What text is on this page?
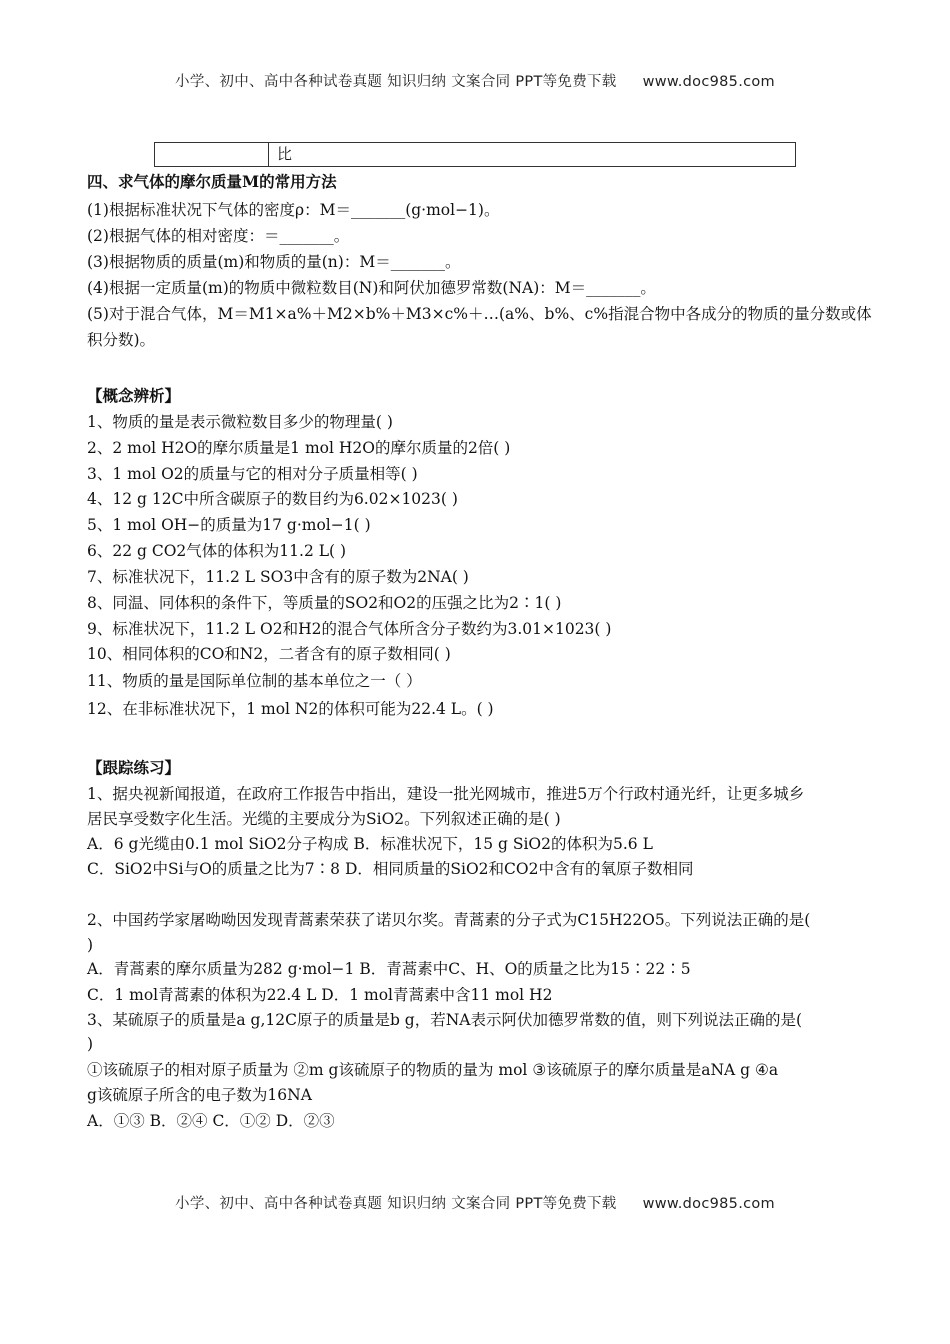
小学、初中、高中各种试卷真题 知识归纳 文案合同 PPT等免费下载 www.doc985.com
	比
四、求气体的摩尔质量M的常用方法
(1)根据标准状况下气体的密度ρ：M＝_______(g·mol−1)。
(2)根据气体的相对密度：＝_______。
(3)根据物质的质量(m)和物质的量(n)：M＝_______。
(4)根据一定质量(m)的物质中微粒数目(N)和阿伏加德罗常数(NA)：M＝_______。
(5)对于混合气体，M＝M1×a%＋M2×b%＋M3×c%＋…(a%、b%、c%指混合物中各成分的物质的量分数或体
积分数)。
【概念辨析】
1、物质的量是表示微粒数目多少的物理量( )
2、2 mol H2O的摩尔质量是1 mol H2O的摩尔质量的2倍( )
3、1 mol O2的质量与它的相对分子质量相等( )
4、12 g 12C中所含碳原子的数目约为6.02×1023( )
5、1 mol OH−的质量为17 g·mol−1( )
6、22 g CO2气体的体积为11.2 L( )
7、标准状况下，11.2 L SO3中含有的原子数为2NA( )
8、同温、同体积的条件下，等质量的SO2和O2的压强之比为2∶1( )
9、标准状况下，11.2 L O2和H2的混合气体所含分子数约为3.01×1023( )
10、相同体积的CO和N2，二者含有的原子数相同( )
11、物质的量是国际单位制的基本单位之一（ ）
12、在非标准状况下，1 mol N2的体积可能为22.4 L。( )
【跟踪练习】
1、据央视新闻报道，在政府工作报告中指出，建设一批光网城市，推进5万个行政村通光纤，让更多城乡
居民享受数字化生活。光缆的主要成分为SiO2。下列叙述正确的是( )
A．6 g光缆由0.1 mol SiO2分子构成 B．标准状况下，15 g SiO2的体积为5.6 L
C．SiO2中Si与O的质量之比为7∶8 D．相同质量的SiO2和CO2中含有的氧原子数相同
2、中国药学家屠呦呦因发现青蒿素荣获了诺贝尔奖。青蒿素的分子式为C15H22O5。下列说法正确的是(
)
A．青蒿素的摩尔质量为282 g·mol−1 B．青蒿素中C、H、O的质量之比为15∶22∶5
C．1 mol青蒿素的体积为22.4 L D．1 mol青蒿素中含11 mol H2
3、某硫原子的质量是a g,12C原子的质量是b g，若NA表示阿伏加德罗常数的值，则下列说法正确的是(
)
①该硫原子的相对原子质量为 ②m g该硫原子的物质的量为 mol ③该硫原子的摩尔质量是aNA g ④a
g该硫原子所含的电子数为16NA
A．①③ B．②④ C．①② D．②③
小学、初中、高中各种试卷真题 知识归纳 文案合同 PPT等免费下载 www.doc985.com
